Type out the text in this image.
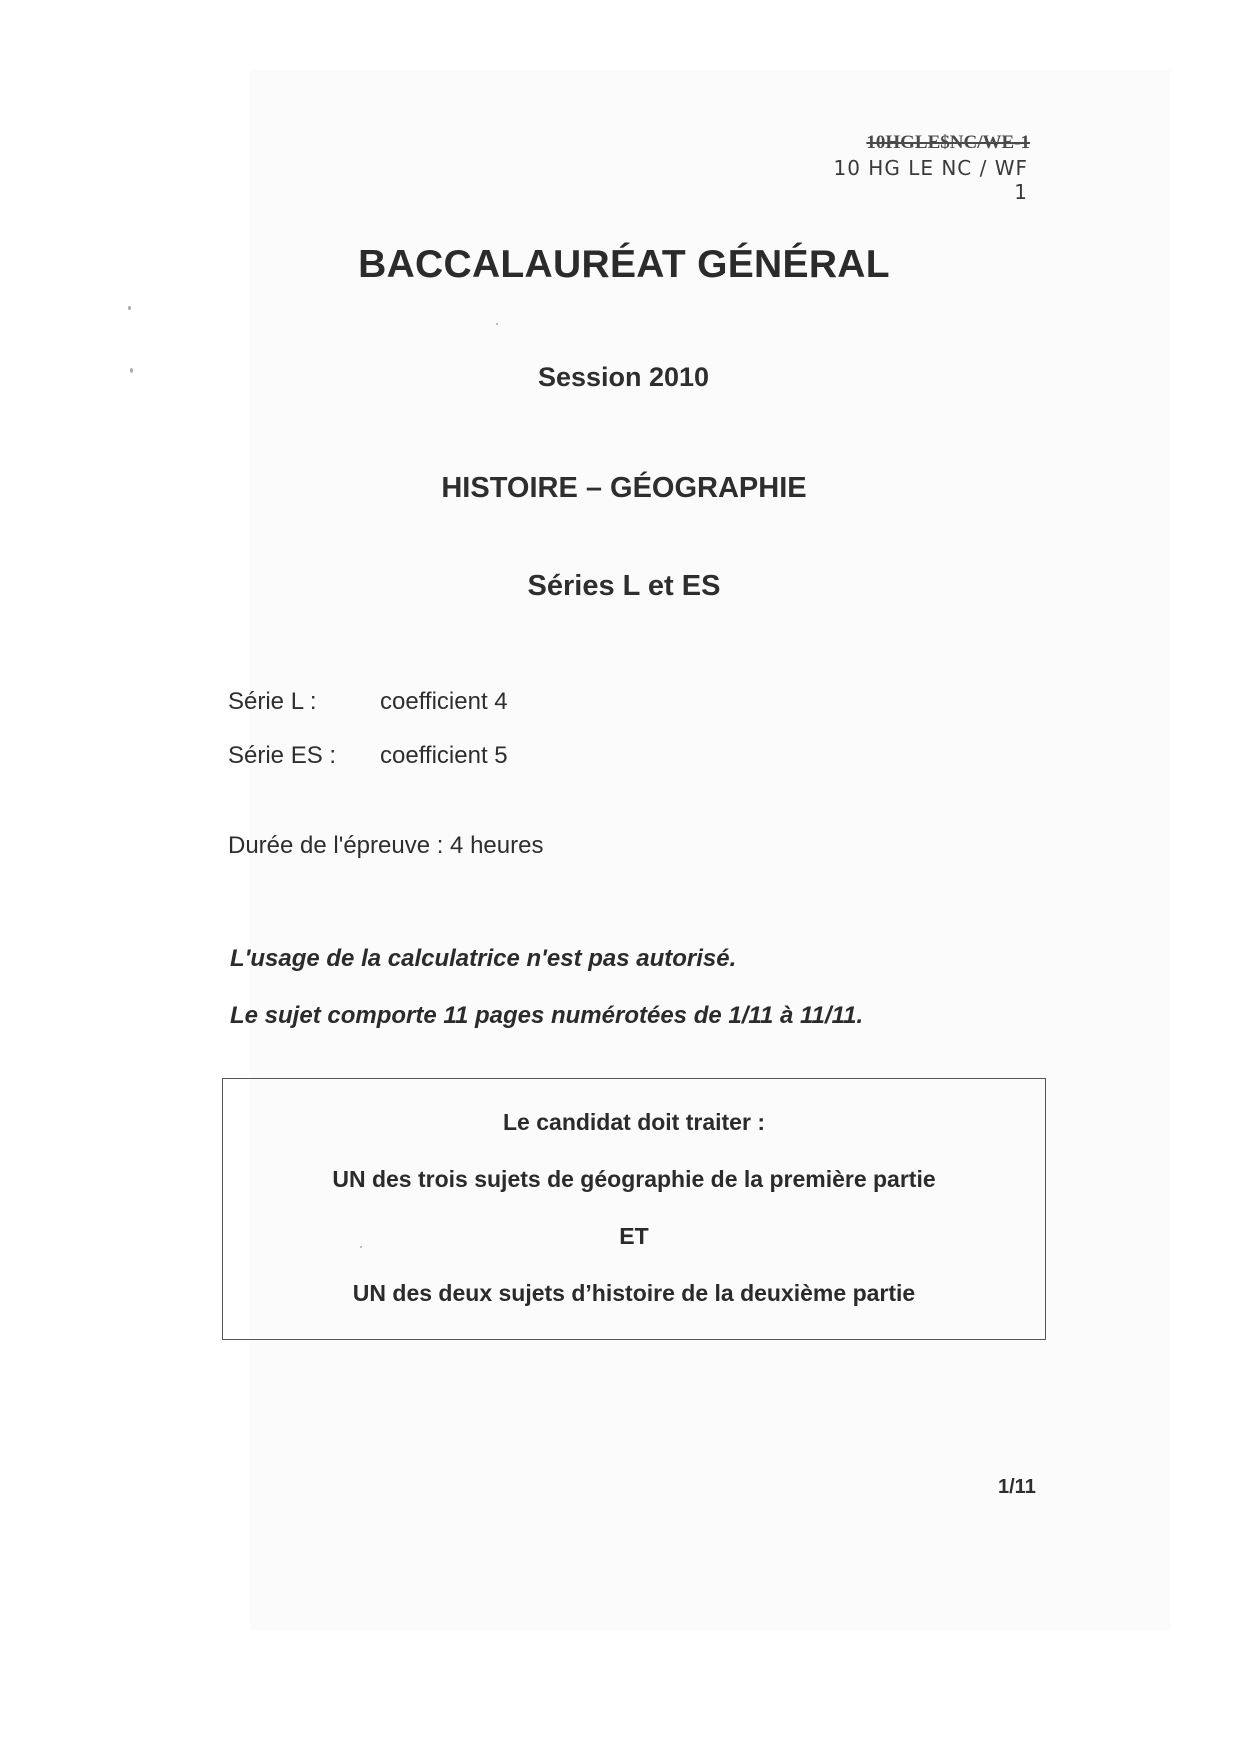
10HGLE$NC/WE-1
10 HG LE NC / WF 1
BACCALAURÉAT GÉNÉRAL
Session 2010
HISTOIRE – GÉOGRAPHIE
Séries L et ES
Série L :	coefficient 4
Série ES : coefficient 5
Durée de l'épreuve : 4 heures
L'usage de la calculatrice n'est pas autorisé.
Le sujet comporte 11 pages numérotées de 1/11 à 11/11.
Le candidat doit traiter :
UN des trois sujets de géographie de la première partie
ET
UN des deux sujets d’histoire de la deuxième partie
1/11
